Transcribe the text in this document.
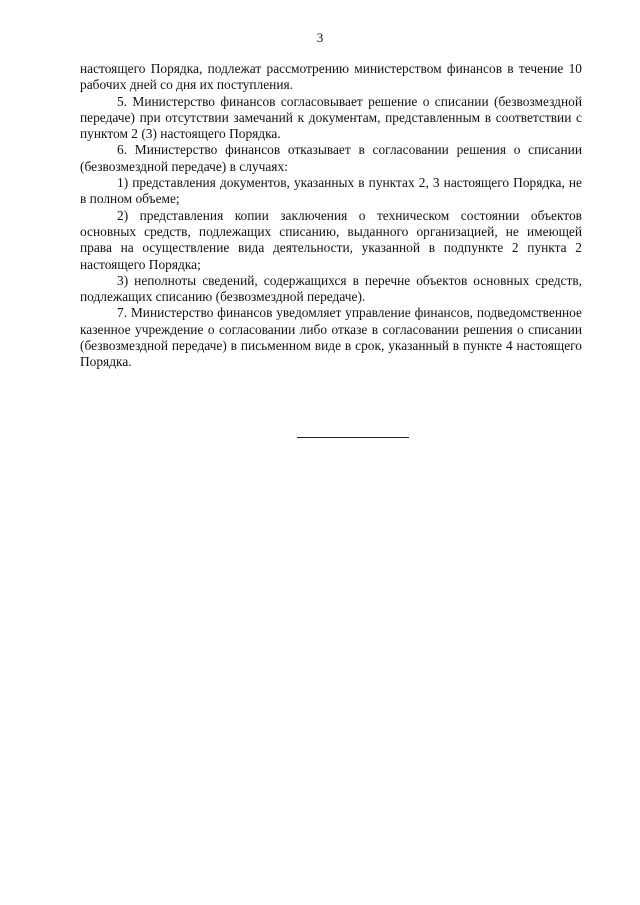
3

настоящего Порядка, подлежат рассмотрению министерством финансов в течение 10 рабочих дней со дня их поступления.

5. Министерство финансов согласовывает решение о списании (безвозмездной передаче) при отсутствии замечаний к документам, представленным в соответствии с пунктом 2 (3) настоящего Порядка.

6. Министерство финансов отказывает в согласовании решения о списании (безвозмездной передаче) в случаях:

1) представления документов, указанных в пунктах 2, 3 настоящего Порядка, не в полном объеме;

2) представления копии заключения о техническом состоянии объектов основных средств, подлежащих списанию, выданного организацией, не имеющей права на осуществление вида деятельности, указанной в подпункте 2 пункта 2 настоящего Порядка;

3) неполноты сведений, содержащихся в перечне объектов основных средств, подлежащих списанию (безвозмездной передаче).

7. Министерство финансов уведомляет управление финансов, подведомственное казенное учреждение о согласовании либо отказе в согласовании решения о списании (безвозмездной передаче) в письменном виде в срок, указанный в пункте 4 настоящего Порядка.
